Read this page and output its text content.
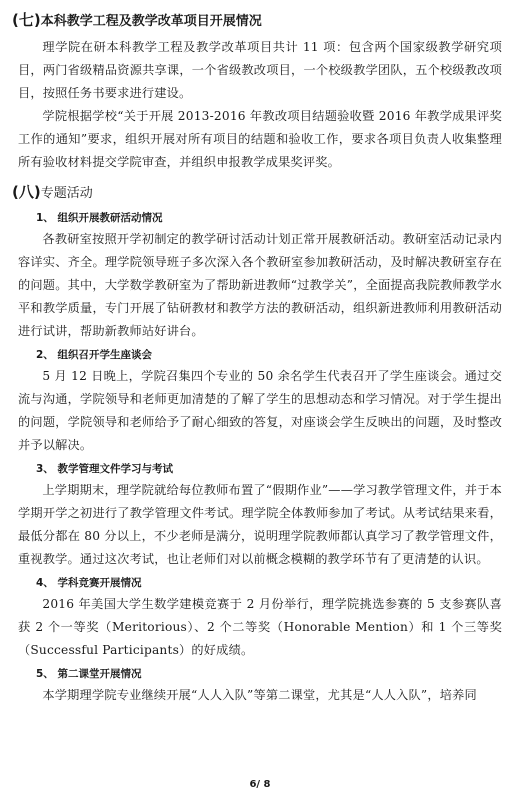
(七)本科教学工程及教学改革项目开展情况

理学院在研本科教学工程及教学改革项目共计 11 项：包含两个国家级教学研究项目，两门省级精品资源共享课，一个省级教改项目，一个校级教学团队，五个校级教改项目，按照任务书要求进行建设。

学院根据学校“关于开展 2013-2016 年教改项目结题验收暨 2016 年教学成果评奖工作的通知”要求，组织开展对所有项目的结题和验收工作，要求各项目负责人收集整理所有验收材料提交学院审查，并组织申报教学成果奖评奖。

(八)专题活动
1、 组织开展教研活动情况

各教研室按照开学初制定的教学研讨活动计划正常开展教研活动。教研室活动记录内容详实、齐全。理学院领导班子多次深入各个教研室参加教研活动，及时解决教研室存在的问题。其中，大学数学教研室为了帮助新进教师“过教学关”，全面提高我院教师教学水平和教学质量，专门开展了钻研教材和教学方法的教研活动，组织新进教师利用教研活动进行试讲，帮助新教师站好讲台。

2、 组织召开学生座谈会

5 月 12 日晚上，学院召集四个专业的 50 余名学生代表召开了学生座谈会。通过交流与沟通，学院领导和老师更加清楚的了解了学生的思想动态和学习情况。对于学生提出的问题，学院领导和老师给予了耐心细致的答复，对座谈会学生反映出的问题，及时整改并予以解决。

3、 教学管理文件学习与考试

上学期期末，理学院就给每位教师布置了“假期作业”——学习教学管理文件，并于本学期开学之初进行了教学管理文件考试。理学院全体教师参加了考试。从考试结果来看，最低分都在 80 分以上，不少老师是满分，说明理学院教师都认真学习了教学管理文件，重视教学。通过这次考试，也让老师们对以前概念模糊的教学环节有了更清楚的认识。

4、 学科竞赛开展情况

2016 年美国大学生数学建模竞赛于 2 月份举行，理学院挑选参赛的 5 支参赛队喜获 2 个一等奖（Meritorious）、2 个二等奖（Honorable Mention）和 1 个三等奖（Successful Participants）的好成绩。

5、 第二课堂开展情况

本学期理学院专业继续开展“人人入队”等第二课堂，尤其是“人人入队”，培养同

6/ 8
